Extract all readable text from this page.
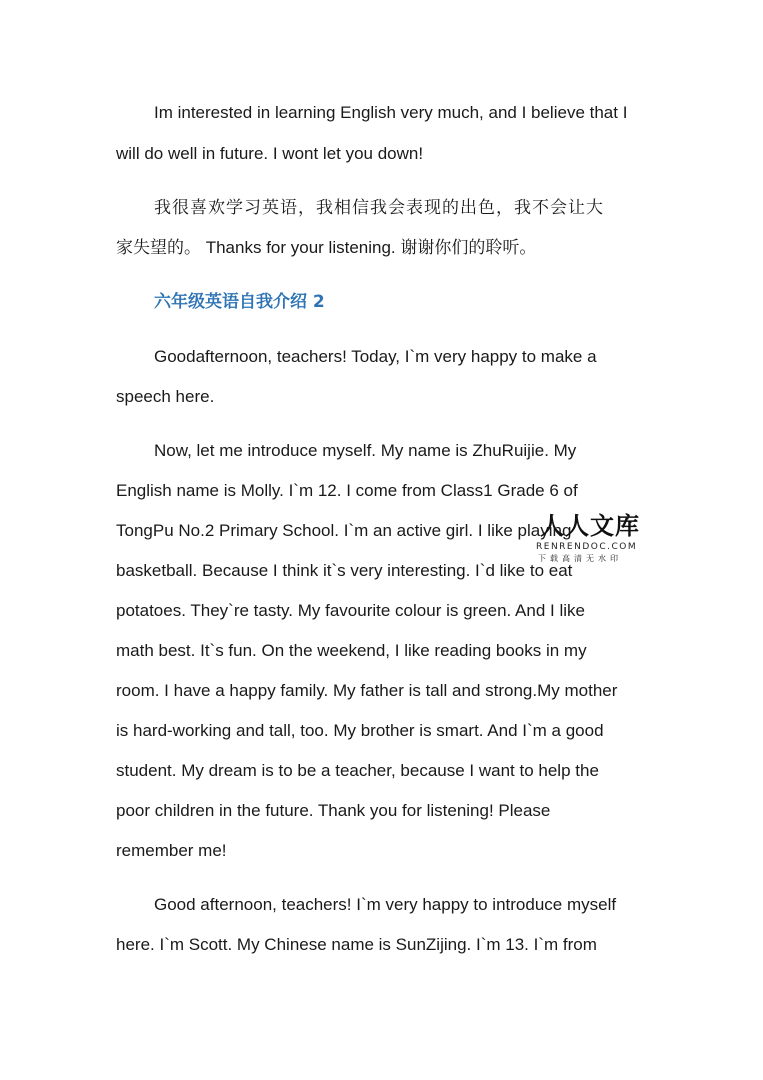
Im interested in learning English very much, and I believe that I
will do well in future. I wont let you down!
我很喜欢学习英语，我相信我会表现的出色，我不会让大
家失望的。 Thanks for your listening. 谢谢你们的聆听。
六年级英语自我介绍 2
Goodafternoon, teachers! Today, I`m very happy to make a
speech here.
Now, let me introduce myself. My name is ZhuRuijie. My
English name is Molly. I`m 12. I come from Class1 Grade 6 of
TongPu No.2 Primary School. I`m an active girl. I like playing
basketball. Because I think it`s very interesting. I`d like to eat
potatoes. They`re tasty. My favourite colour is green. And I like
math best. It`s fun. On the weekend, I like reading books in my
room. I have a happy family. My father is tall and strong.My mother
is hard-working and tall, too. My brother is smart. And I`m a good
student. My dream is to be a teacher, because I want to help the
poor children in the future. Thank you for listening! Please
remember me!
Good afternoon, teachers! I`m very happy to introduce myself
here. I`m Scott. My Chinese name is SunZijing. I`m 13. I`m from
人人文库
RENRENDOC.COM
下载高清无水印
